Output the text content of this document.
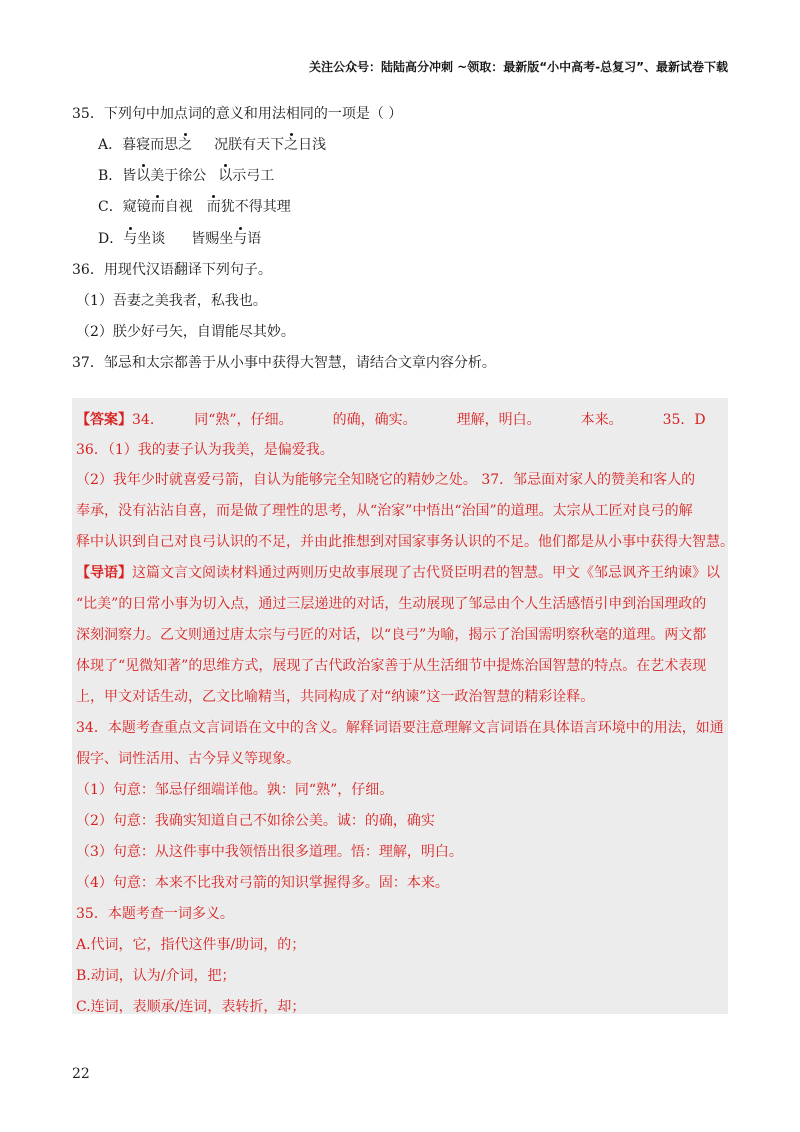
关注公众号：陆陆高分冲刺 ~领取：最新版“小中高考-总复习”、最新试卷下载
35．下列句中加点词的意义和用法相同的一项是（ ）
A．暮寝而思之 况朕有天下之日浅
B．皆以美于徐公 以示弓工
C．窥镜而自视 而犹不得其理
D．与坐谈 皆赐坐与语
36．用现代汉语翻译下列句子。
（1）吾妻之美我者，私我也。
（2）朕少好弓矢，自谓能尽其妙。
37．邹忌和太宗都善于从小事中获得大智慧，请结合文章内容分析。
【答案】34.	同“熟”，仔细。	的确，确实。	理解，明白。	本来。	35．D
36．（1）我的妻子认为我美，是偏爱我。
（2）我年少时就喜爱弓箭，自认为能够完全知晓它的精妙之处。 37．邹忌面对家人的赞美和客人的
奉承，没有沾沾自喜，而是做了理性的思考，从“治家”中悟出“治国”的道理。太宗从工匠对良弓的解
释中认识到自己对良弓认识的不足，并由此推想到对国家事务认识的不足。他们都是从小事中获得大智慧。
【导语】这篇文言文阅读材料通过两则历史故事展现了古代贤臣明君的智慧。甲文《邹忌讽齐王纳谏》以
“比美”的日常小事为切入点，通过三层递进的对话，生动展现了邹忌由个人生活感悟引申到治国理政的
深刻洞察力。乙文则通过唐太宗与弓匠的对话，以“良弓”为喻，揭示了治国需明察秋毫的道理。两文都
体现了“见微知著”的思维方式，展现了古代政治家善于从生活细节中提炼治国智慧的特点。在艺术表现
上，甲文对话生动，乙文比喻精当，共同构成了对“纳谏”这一政治智慧的精彩诠释。
34．本题考查重点文言词语在文中的含义。解释词语要注意理解文言词语在具体语言环境中的用法，如通
假字、词性活用、古今异义等现象。
（1）句意：邹忌仔细端详他。孰：同“熟”，仔细。
（2）句意：我确实知道自己不如徐公美。诚：的确，确实
（3）句意：从这件事中我领悟出很多道理。悟：理解，明白。
（4）句意：本来不比我对弓箭的知识掌握得多。固：本来。
35．本题考查一词多义。
A.代词，它，指代这件事/助词，的；
B.动词，认为/介词，把；
C.连词，表顺承/连词，表转折，却；
22
